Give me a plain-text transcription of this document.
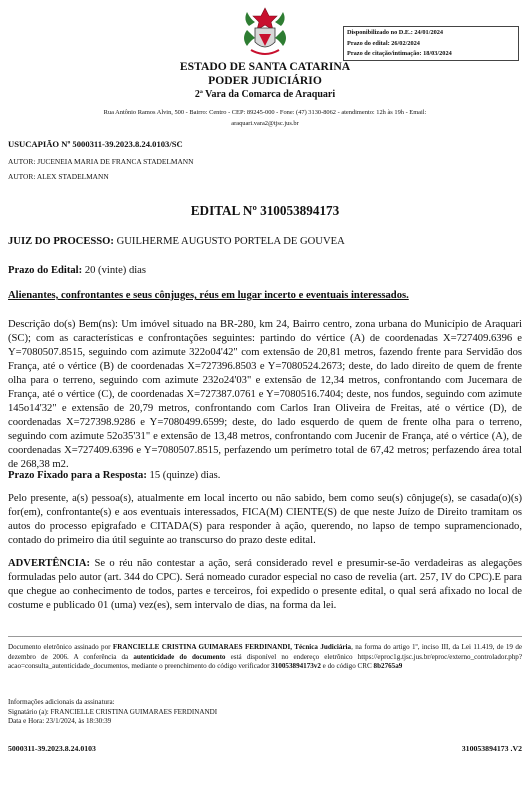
Disponibilizado no D.E.: 24/01/2024
Prazo do edital: 26/02/2024
Prazo de citação/intimação: 18/03/2024
ESTADO DE SANTA CATARINA
PODER JUDICIÁRIO
2ª Vara da Comarca de Araquari
Rua Antônio Ramos Alvin, 500 - Bairro: Centro - CEP: 89245-000 - Fone: (47) 3130-8062 - atendimento: 12h às 19h - Email:
araquari.vara2@tjsc.jus.br
USUCAPIÃO Nº 5000311-39.2023.8.24.0103/SC
AUTOR: JUCENEIA MARIA DE FRANCA STADELMANN
AUTOR: ALEX STADELMANN
EDITAL Nº 310053894173
JUIZ DO PROCESSO: GUILHERME AUGUSTO PORTELA DE GOUVEA
Prazo do Edital: 20 (vinte) dias
Alienantes, confrontantes e seus cônjuges, réus em lugar incerto e eventuais interessados.
Descrição do(s) Bem(ns): Um imóvel situado na BR-280, km 24, Bairro centro, zona urbana do Município de Araquari (SC); com as características e confrontações seguintes: partindo do vértice (A) de coordenadas X=727409.6396 e Y=7080507.8515, seguindo com azimute 322o04'42" com extensão de 20,81 metros, fazendo frente para Servidão dos França, até o vértice (B) de coordenadas X=727396.8503 e Y=7080524.2673; deste, do lado direito de quem de frente olha para o terreno, seguindo com azimute 232o24'03" e extensão de 12,34 metros, confrontando com Jucemara de França, até o vértice (C), de coordenadas X=727387.0761 e Y=7080516.7404; deste, nos fundos, seguindo com azimute 145o14'32" e extensão de 20,79 metros, confrontando com Carlos Iran Oliveira de Freitas, até o vértice (D), de coordenadas X=727398.9286 e Y=7080499.6599; deste, do lado esquerdo de quem de frente olha para o terreno, seguindo com azimute 52o35'31" e extensão de 13,48 metros, confrontando com Jucenir de França, até o vértice (A), de coordenadas X=727409.6396 e Y=7080507.8515, perfazendo um perímetro total de 67,42 metros; perfazendo área total de 268,38 m2.
Prazo Fixado para a Resposta: 15 (quinze) dias.
Pelo presente, a(s) pessoa(s), atualmente em local incerto ou não sabido, bem como seu(s) cônjuge(s), se casada(o)(s) for(em), confrontante(s) e aos eventuais interessados, FICA(M) CIENTE(S) de que neste Juízo de Direito tramitam os autos do processo epigrafado e CITADA(S) para responder à ação, querendo, no lapso de tempo supramencionado, contado do primeiro dia útil seguinte ao transcurso do prazo deste edital.
ADVERTÊNCIA: Se o réu não contestar a ação, será considerado revel e presumir-se-ão verdadeiras as alegações formuladas pelo autor (art. 344 do CPC). Será nomeado curador especial no caso de revelia (art. 257, IV do CPC).E para que chegue ao conhecimento de todos, partes e terceiros, foi expedido o presente edital, o qual será afixado no local de costume e publicado 01 (uma) vez(es), sem intervalo de dias, na forma da lei.
Documento eletrônico assinado por FRANCIELLE CRISTINA GUIMARAES FERDINANDI, Técnica Judiciária, na forma do artigo 1º, inciso III, da Lei 11.419, de 19 de dezembro de 2006. A conferência da autenticidade do documento está disponível no endereço eletrônico https://eproc1g.tjsc.jus.br/eproc/externo_controlador.php?acao=consulta_autenticidade_documentos, mediante o preenchimento do código verificador 310053894173v2 e do código CRC 8b2765a9
Informações adicionais da assinatura:
Signatário (a): FRANCIELLE CRISTINA GUIMARAES FERDINANDI
Data e Hora: 23/1/2024, às 18:30:39
5000311-39.2023.8.24.0103	310053894173 .V2
